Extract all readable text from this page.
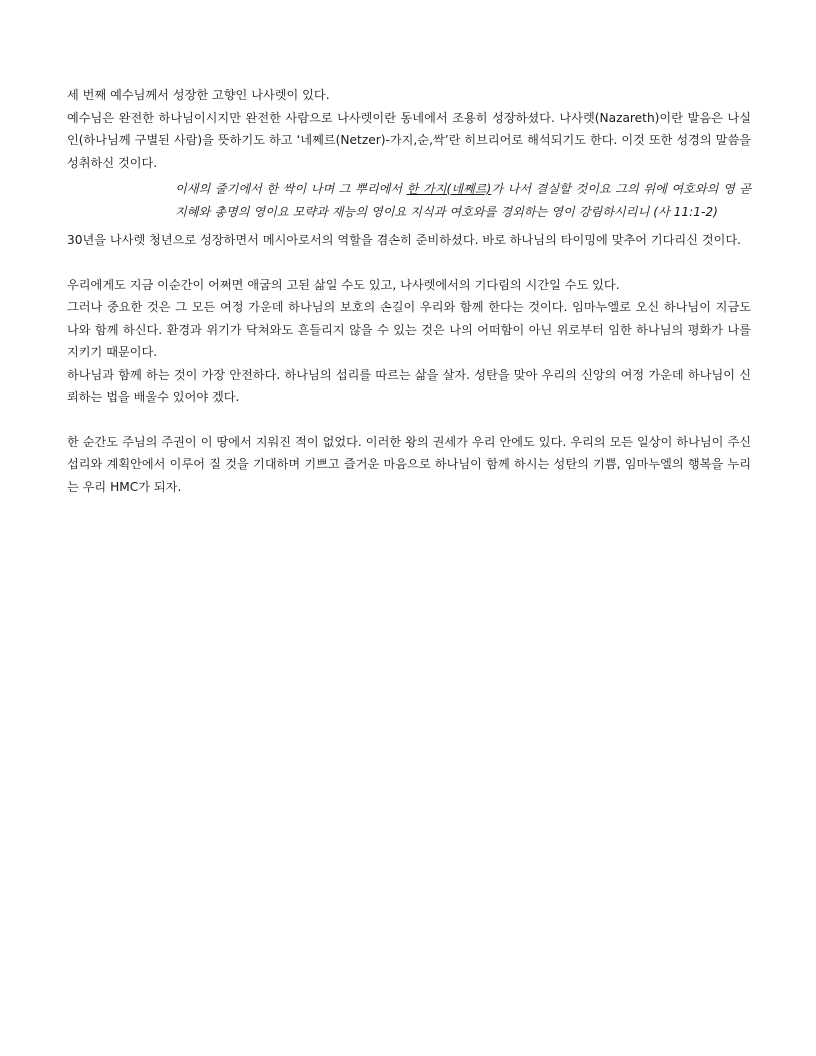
세 번째 예수님께서 성장한 고향인 나사렛이 있다.

예수님은 완전한 하나님이시지만 완전한 사람으로 나사렛이란 동네에서 조용히 성장하셨다. 나사렛(Nazareth)이란 발음은 나실인(하나님께 구별된 사람)을 뜻하기도 하고 ‘네쩨르(Netzer)-가지,순,싹’란 히브리어로 해석되기도 한다. 이것 또한 성경의 말씀을 성취하신 것이다.

이새의 줄기에서 한 싹이 나며 그 뿌리에서 한 가지(네쩨르)가 나서 결실할 것이요 그의 위에 여호와의 영 곧 지혜와 총명의 영이요 모략과 재능의 영이요 지식과 여호와를 경외하는 영이 강림하시리니 (사 11:1-2)

30년을 나사렛 청년으로 성장하면서 메시아로서의 역할을 겸손히 준비하셨다. 바로 하나님의 타이밍에 맞추어 기다리신 것이다.

우리에게도 지금 이순간이 어쩌면 애굽의 고된 삶일 수도 있고, 나사렛에서의 기다림의 시간일 수도 있다.

그러나 중요한 것은 그 모든 여정 가운데 하나님의 보호의 손길이 우리와 함께 한다는 것이다. 임마누엘로 오신 하나님이 지금도 나와 함께 하신다. 환경과 위기가 닥쳐와도 흔들리지 않을 수 있는 것은 나의 어떠함이 아닌 위로부터 임한 하나님의 평화가 나를 지키기 때문이다.

하나님과 함께 하는 것이 가장 안전하다. 하나님의 섭리를 따르는 삶을 살자. 성탄을 맞아 우리의 신앙의 여정 가운데 하나님이 신뢰하는 법을 배울수 있어야 겠다.

한 순간도 주님의 주권이 이 땅에서 지워진 적이 없었다. 이러한 왕의 권세가 우리 안에도 있다. 우리의 모든 일상이 하나님이 주신 섭리와 계획안에서 이루어 질 것을 기대하며 기쁘고 즐거운 마음으로 하나님이 함께 하시는 성탄의 기쁨, 임마누엘의 행복을 누리는 우리 HMC가 되자.
